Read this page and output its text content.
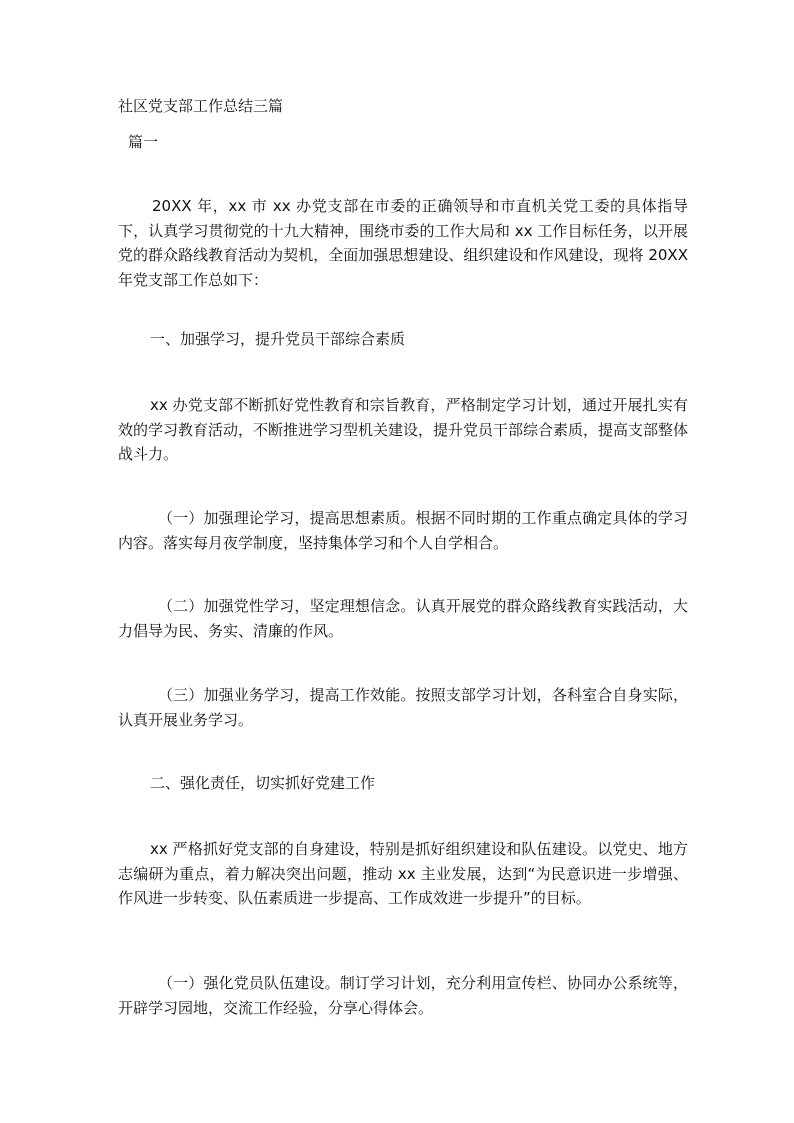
社区党支部工作总结三篇
篇一

20XX 年，xx 市 xx 办党支部在市委的正确领导和市直机关党工委的具体指导下，认真学习贯彻党的十九大精神，围绕市委的工作大局和 xx 工作目标任务，以开展党的群众路线教育活动为契机，全面加强思想建设、组织建设和作风建设，现将 20XX 年党支部工作总如下：

一、加强学习，提升党员干部综合素质

xx 办党支部不断抓好党性教育和宗旨教育，严格制定学习计划，通过开展扎实有效的学习教育活动，不断推进学习型机关建设，提升党员干部综合素质，提高支部整体战斗力。

（一）加强理论学习，提高思想素质。根据不同时期的工作重点确定具体的学习内容。落实每月夜学制度，坚持集体学习和个人自学相合。

（二）加强党性学习，坚定理想信念。认真开展党的群众路线教育实践活动，大力倡导为民、务实、清廉的作风。

（三）加强业务学习，提高工作效能。按照支部学习计划，各科室合自身实际，认真开展业务学习。

二、强化责任，切实抓好党建工作

xx 严格抓好党支部的自身建设，特别是抓好组织建设和队伍建设。以党史、地方志编研为重点，着力解决突出问题，推动 xx 主业发展，达到“为民意识进一步增强、作风进一步转变、队伍素质进一步提高、工作成效进一步提升”的目标。

（一）强化党员队伍建设。制订学习计划，充分利用宣传栏、协同办公系统等，开辟学习园地，交流工作经验，分享心得体会。
